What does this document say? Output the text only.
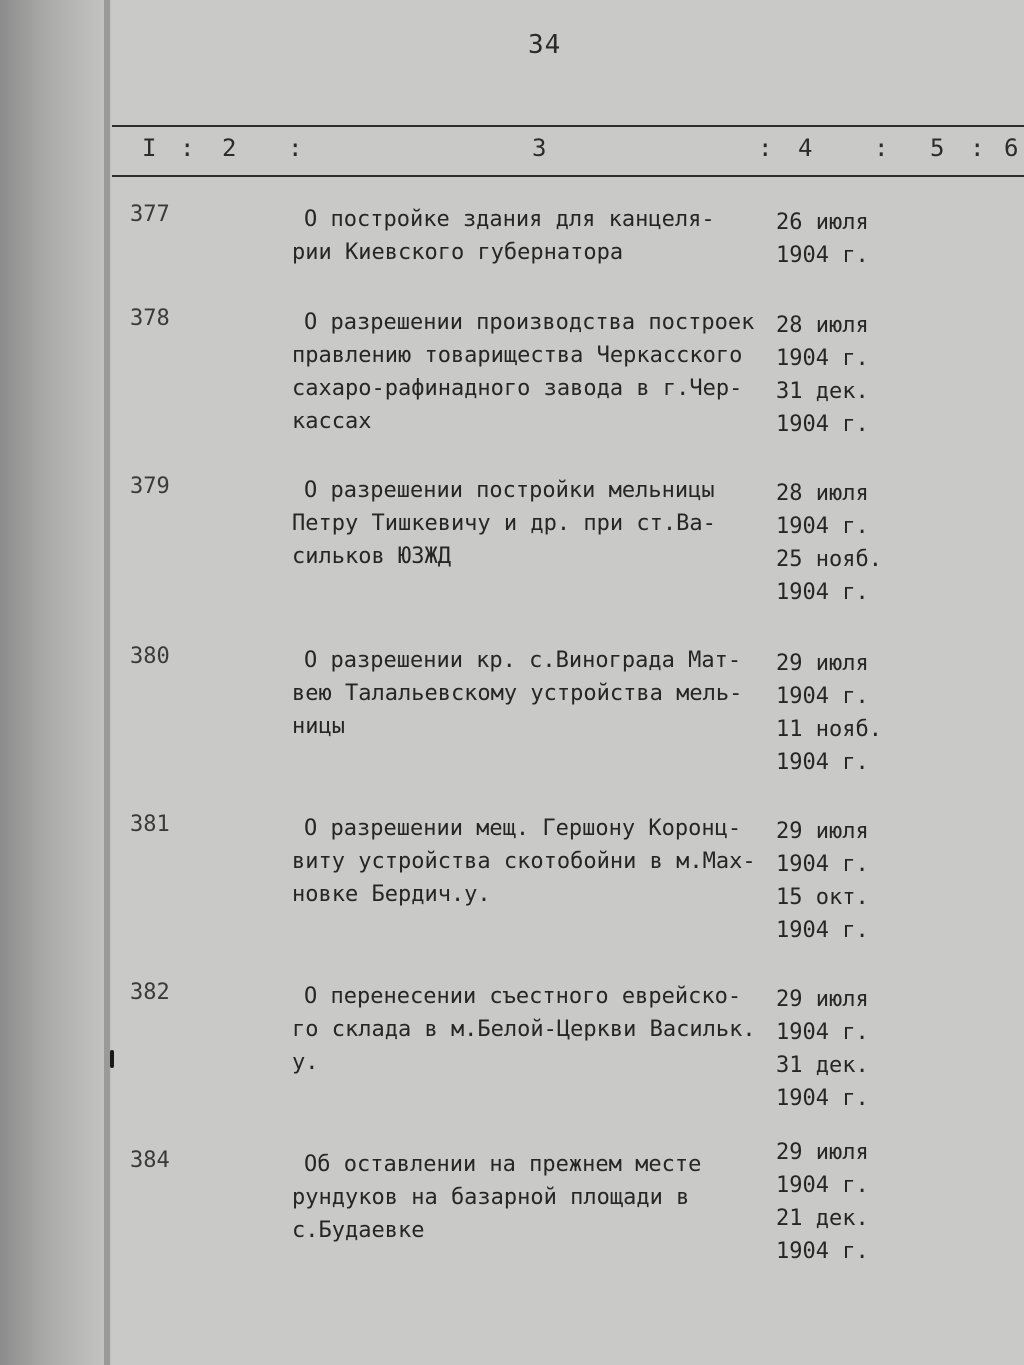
34
I : 2 :	3	: 4	: 5 : 6
377	О постройке здания для канцеля-
рии Киевского губернатора
26 июля
1904 г.
378	О разрешении производства построек
правлению товарищества Черкасского
сахаро-рафинадного завода в г.Чер-
кассах
28 июля
1904 г.
31 дек.
1904 г.
379	О разрешении постройки мельницы
Петру Тишкевичу и др. при ст.Ва-
сильков ЮЗЖД
28 июля
1904 г.
25 нояб.
1904 г.
380	О разрешении кр. с.Винограда Мат-
вею Талальевскому устройства мель-
ницы
29 июля
1904 г.
11 нояб.
1904 г.
381	О разрешении мещ. Гершону Коронц-
виту устройства скотобойни в м.Мах-
новке Бердич.у.
29 июля
1904 г.
15 окт.
1904 г.
382	О перенесении съестного еврейско-
го склада в м.Белой-Церкви Васильк.
у.
29 июля
1904 г.
31 дек.
1904 г.
384	Об оставлении на прежнем месте
рундуков на базарной площади в
с.Будаевке
29 июля
1904 г.
21 дек.
1904 г.
